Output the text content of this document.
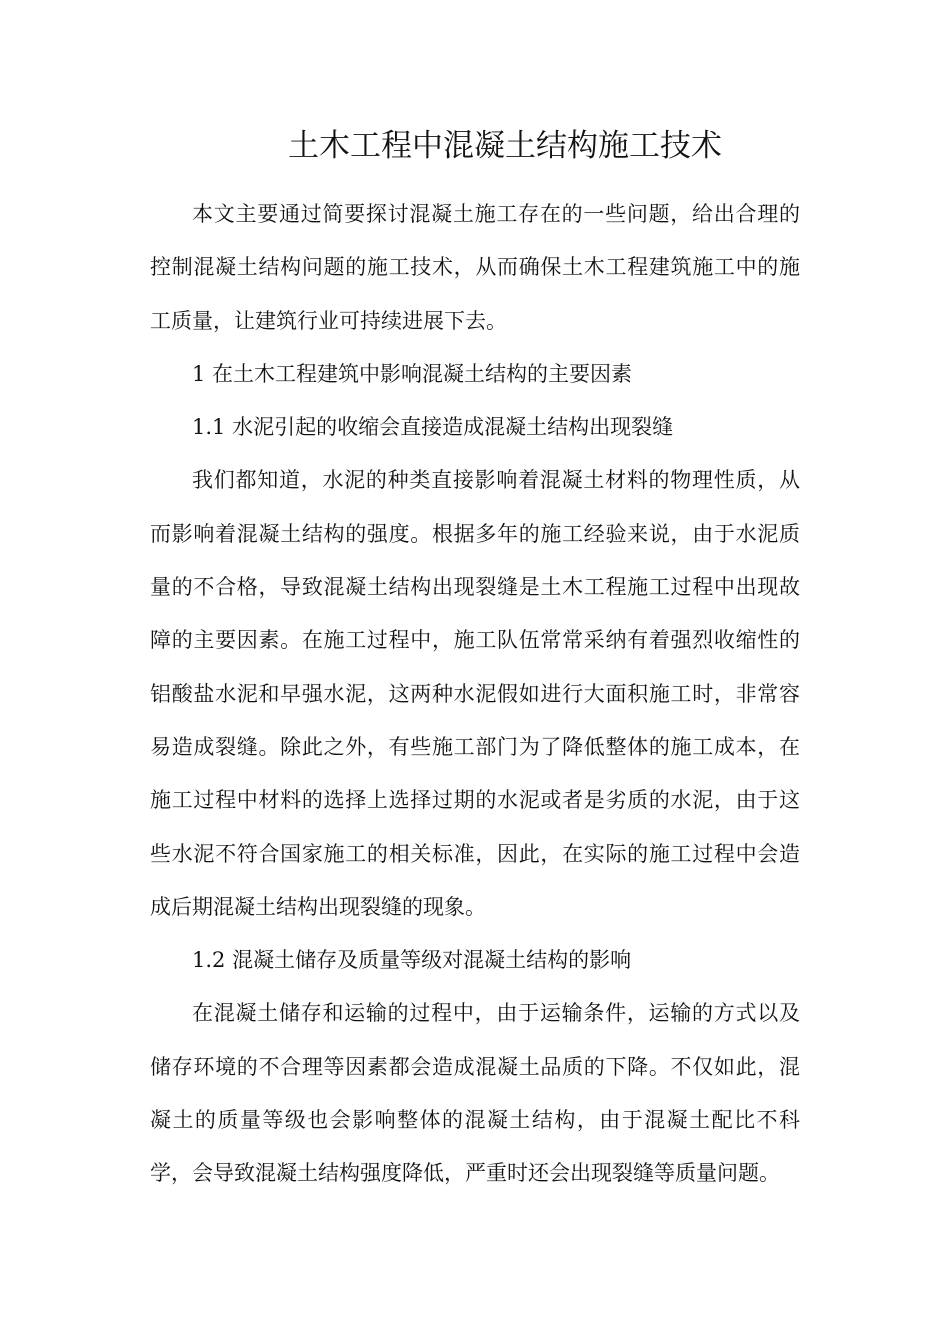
土木工程中混凝土结构施工技术

本文主要通过简要探讨混凝土施工存在的一些问题，给出合理的控制混凝土结构问题的施工技术，从而确保土木工程建筑施工中的施工质量，让建筑行业可持续进展下去。

1 在土木工程建筑中影响混凝土结构的主要因素

1.1 水泥引起的收缩会直接造成混凝土结构出现裂缝

我们都知道，水泥的种类直接影响着混凝土材料的物理性质，从而影响着混凝土结构的强度。根据多年的施工经验来说，由于水泥质量的不合格，导致混凝土结构出现裂缝是土木工程施工过程中出现故障的主要因素。在施工过程中，施工队伍常常采纳有着强烈收缩性的铝酸盐水泥和早强水泥，这两种水泥假如进行大面积施工时，非常容易造成裂缝。除此之外，有些施工部门为了降低整体的施工成本，在施工过程中材料的选择上选择过期的水泥或者是劣质的水泥，由于这些水泥不符合国家施工的相关标准，因此，在实际的施工过程中会造成后期混凝土结构出现裂缝的现象。

1.2 混凝土储存及质量等级对混凝土结构的影响

在混凝土储存和运输的过程中，由于运输条件，运输的方式以及储存环境的不合理等因素都会造成混凝土品质的下降。不仅如此，混凝土的质量等级也会影响整体的混凝土结构，由于混凝土配比不科学，会导致混凝土结构强度降低，严重时还会出现裂缝等质量问题。
